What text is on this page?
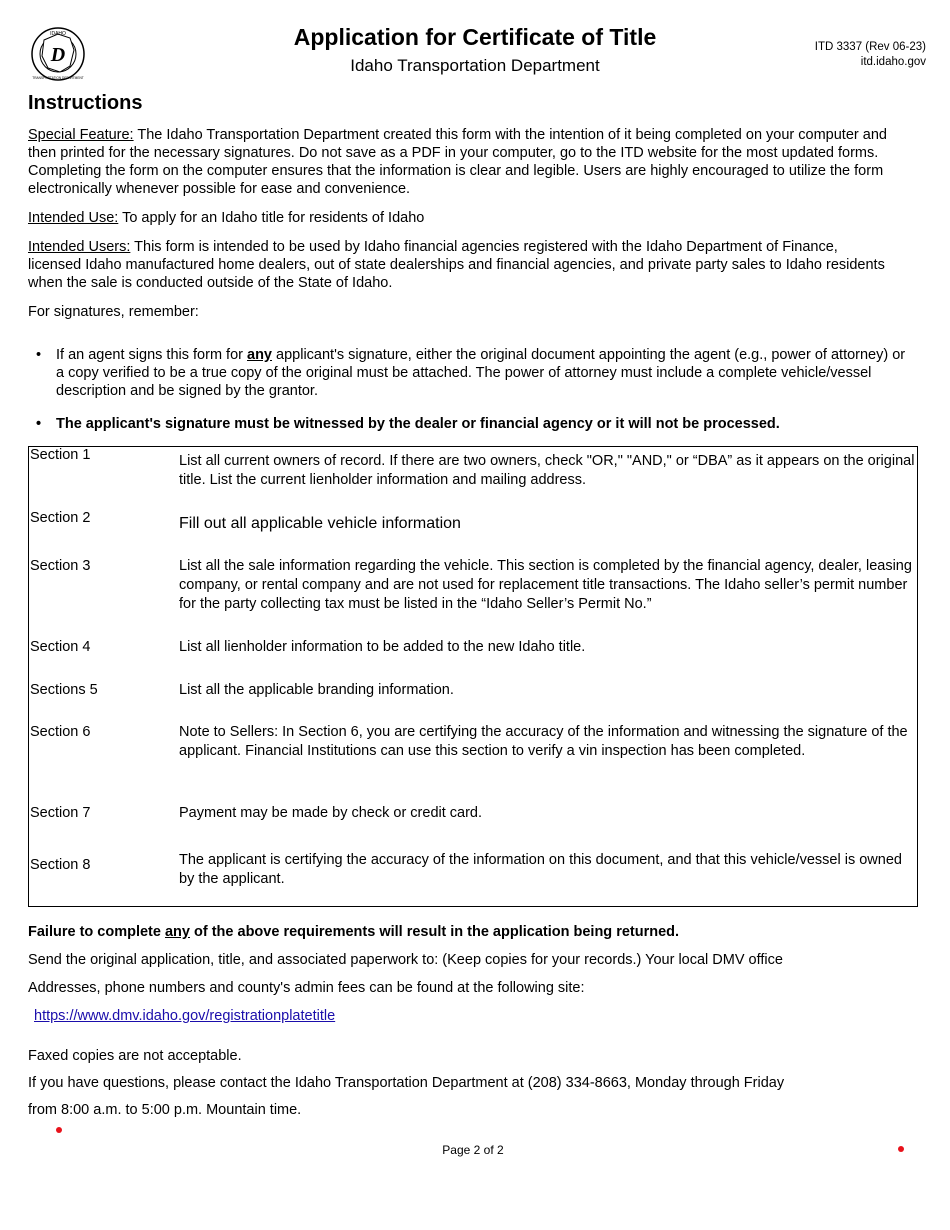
D
IDAHO
TRANSPORTATION DEPARTMENT
Application for Certificate of Title
Idaho Transportation Department
ITD 3337 (Rev 06-23)
itd.idaho.gov
Instructions
Special Feature: The Idaho Transportation Department created this form with the intention of it being completed on your computer and then printed for the necessary signatures. Do not save as a PDF in your computer, go to the ITD website for the most updated forms. Completing the form on the computer ensures that the information is clear and legible. Users are highly encouraged to utilize the form electronically whenever possible for ease and convenience.
Intended Use: To apply for an Idaho title for residents of Idaho
Intended Users: This form is intended to be used by Idaho financial agencies registered with the Idaho Department of Finance, licensed Idaho manufactured home dealers, out of state dealerships and financial agencies, and private party sales to Idaho residents when the sale is conducted outside of the State of Idaho.
For signatures, remember:
• If an agent signs this form for any applicant's signature, either the original document appointing the agent (e.g., power of attorney) or a copy verified to be a true copy of the original must be attached. The power of attorney must include a complete vehicle/vessel description and be signed by the grantor.
• The applicant's signature must be witnessed by the dealer or financial agency or it will not be processed.
Section 1	List all current owners of record. If there are two owners, check "OR," "AND," or “DBA” as it appears on the original title. List the current lienholder information and mailing address.
Section 2	Fill out all applicable vehicle information
Section 3	List all the sale information regarding the vehicle. This section is completed by the financial agency, dealer, leasing company, or rental company and are not used for replacement title transactions. The Idaho seller’s permit number for the party collecting tax must be listed in the “Idaho Seller’s Permit No.”
Section 4	List all lienholder information to be added to the new Idaho title.
Sections 5	List all the applicable branding information.
Section 6	Note to Sellers: In Section 6, you are certifying the accuracy of the information and witnessing the signature of the applicant. Financial Institutions can use this section to verify a vin inspection has been completed.
Section 7	Payment may be made by check or credit card.
Section 8	The applicant is certifying the accuracy of the information on this document, and that this vehicle/vessel is owned by the applicant.
Failure to complete any of the above requirements will result in the application being returned.
Send the original application, title, and associated paperwork to: (Keep copies for your records.) Your local DMV office
Addresses, phone numbers and county's admin fees can be found at the following site:
https://www.dmv.idaho.gov/registrationplatetitle
Faxed copies are not acceptable.
If you have questions, please contact the Idaho Transportation Department at (208) 334-8663, Monday through Friday
from 8:00 a.m. to 5:00 p.m. Mountain time.
Page 2 of 2
